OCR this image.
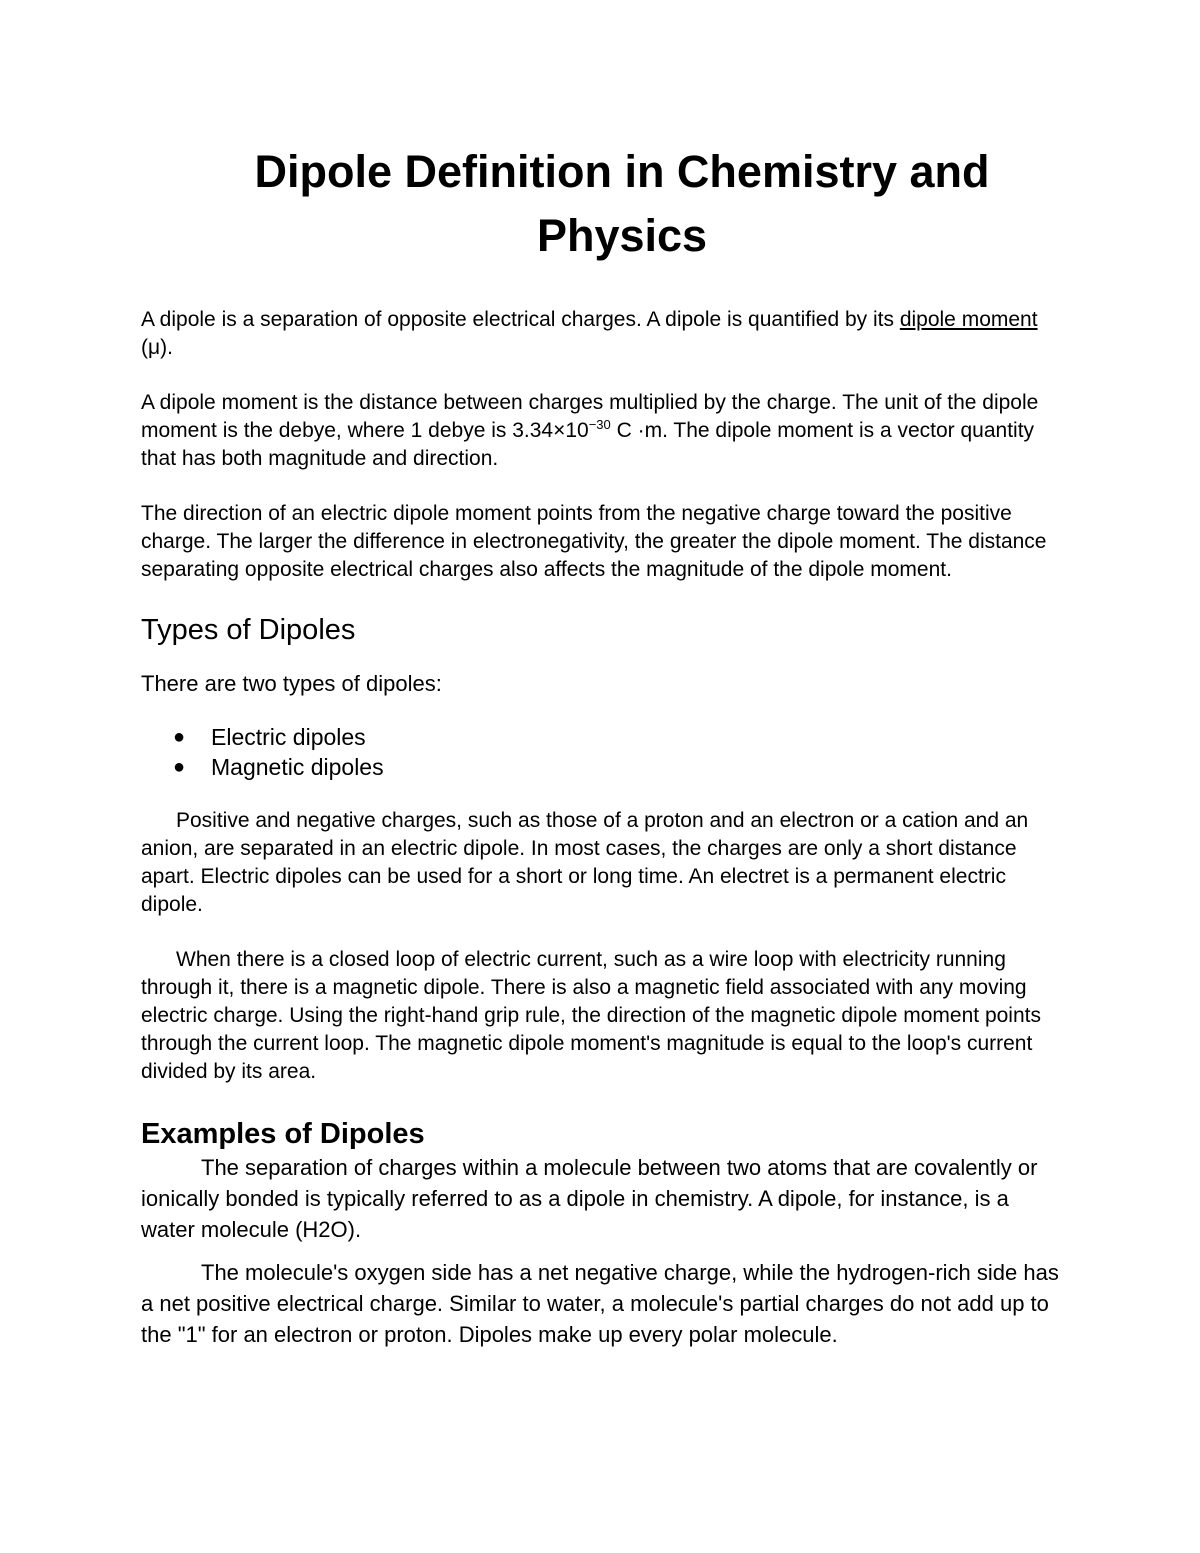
Dipole Definition in Chemistry and Physics

A dipole is a separation of opposite electrical charges. A dipole is quantified by its dipole moment (μ).

A dipole moment is the distance between charges multiplied by the charge. The unit of the dipole moment is the debye, where 1 debye is $3.34\times 10^{-30}$ C ·m. The dipole moment is a vector quantity that has both magnitude and direction.

The direction of an electric dipole moment points from the negative charge toward the positive charge. The larger the difference in electronegativity, the greater the dipole moment. The distance separating opposite electrical charges also affects the magnitude of the dipole moment.

Types of Dipoles

There are two types of dipoles:

● Electric dipoles
● Magnetic dipoles

Positive and negative charges, such as those of a proton and an electron or a cation and an anion, are separated in an electric dipole. In most cases, the charges are only a short distance apart. Electric dipoles can be used for a short or long time. An electret is a permanent electric dipole.

When there is a closed loop of electric current, such as a wire loop with electricity running through it, there is a magnetic dipole. There is also a magnetic field associated with any moving electric charge. Using the right-hand grip rule, the direction of the magnetic dipole moment points through the current loop. The magnetic dipole moment's magnitude is equal to the loop's current divided by its area.

Examples of Dipoles

The separation of charges within a molecule between two atoms that are covalently or ionically bonded is typically referred to as a dipole in chemistry. A dipole, for instance, is a water molecule (H2O).

The molecule's oxygen side has a net negative charge, while the hydrogen-rich side has a net positive electrical charge. Similar to water, a molecule's partial charges do not add up to the "1" for an electron or proton. Dipoles make up every polar molecule.
